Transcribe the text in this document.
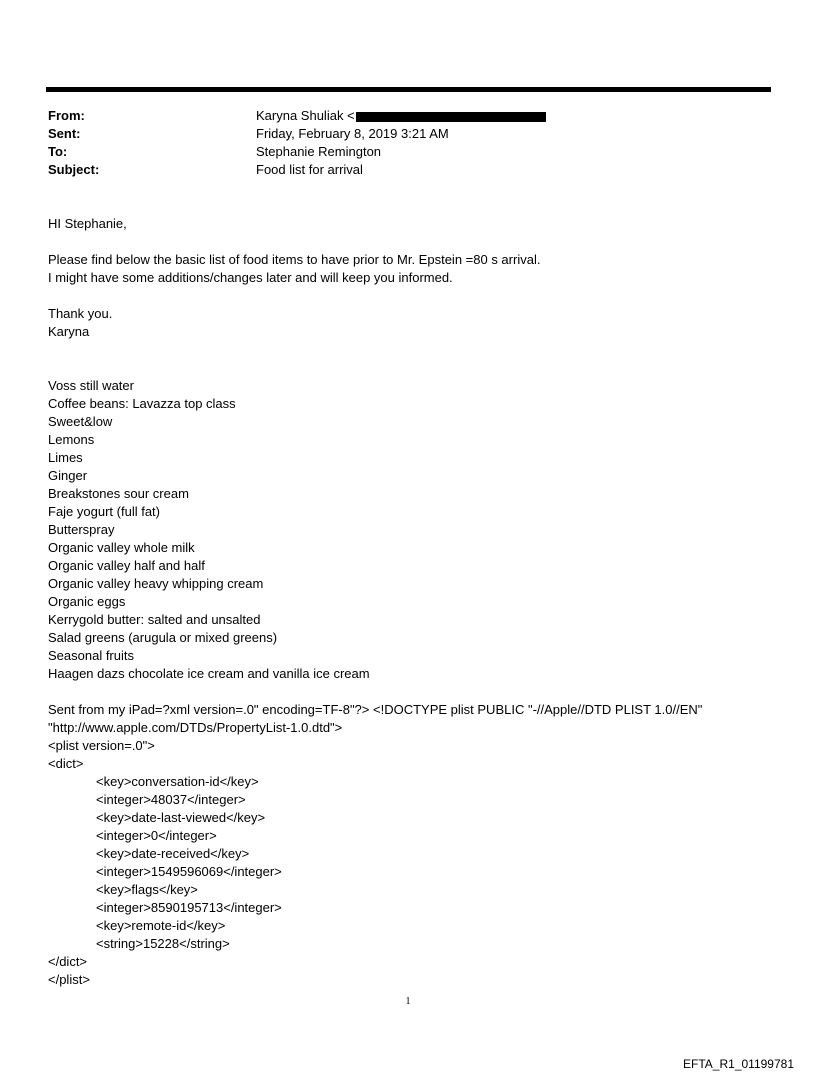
From:	Karyna Shuliak <
Sent:	Friday, February 8, 2019 3:21 AM
To:	Stephanie Remington
Subject:	Food list for arrival

HI Stephanie,

Please find below the basic list of food items to have prior to Mr. Epstein =80 s arrival.

I might have some additions/changes later and will keep you informed.

Thank you.

Karyna

Voss still water

Coffee beans: Lavazza top class

Sweet&low

Lemons

Limes

Ginger

Breakstones sour cream

Faje yogurt (full fat)

Butterspray

Organic valley whole milk

Organic valley half and half

Organic valley heavy whipping cream

Organic eggs

Kerrygold butter: salted and unsalted

Salad greens (arugula or mixed greens)

Seasonal fruits

Haagen dazs chocolate ice cream and vanilla ice cream

Sent from my iPad=?xml version=.0" encoding=TF-8"?> <!DOCTYPE plist PUBLIC "-//Apple//DTD PLIST 1.0//EN"

"http://www.apple.com/DTDs/PropertyList-1.0.dtd">

<plist version=.0">

<dict>

<key>conversation-id</key>

<integer>48037</integer>

<key>date-last-viewed</key>

<integer>0</integer>

<key>date-received</key>

<integer>1549596069</integer>

<key>flags</key>

<integer>8590195713</integer>

<key>remote-id</key>

<string>15228</string>

</dict>

</plist>

1
EFTA_R1_01199781
